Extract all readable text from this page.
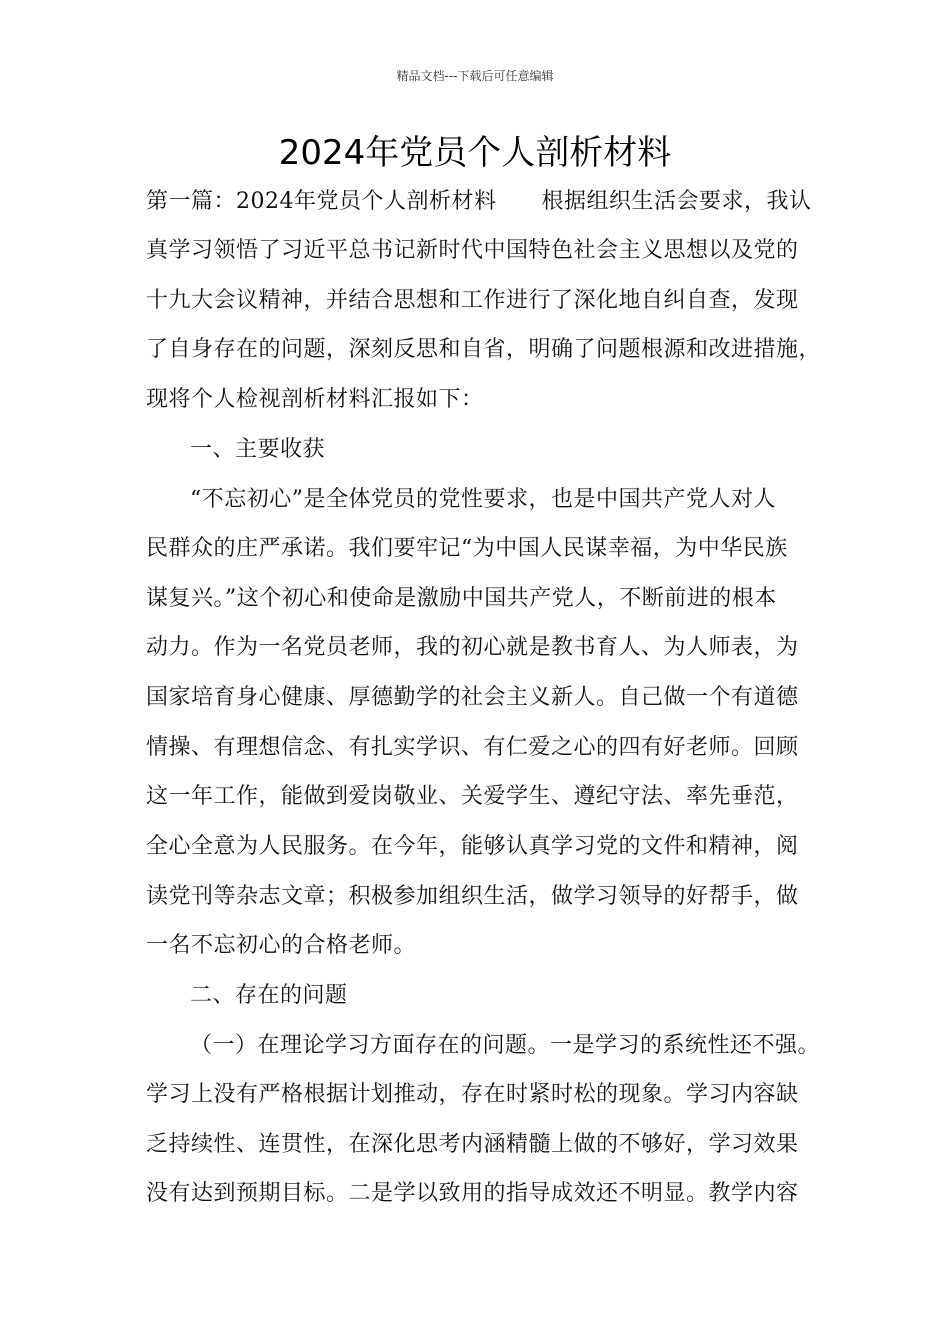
精品文档---下载后可任意编辑
2024年党员个人剖析材料
第一篇：2024年党员个人剖析材料　　根据组织生活会要求，我认
真学习领悟了习近平总书记新时代中国特色社会主义思想以及党的
十九大会议精神，并结合思想和工作进行了深化地自纠自查，发现
了自身存在的问题，深刻反思和自省，明确了问题根源和改进措施，
现将个人检视剖析材料汇报如下：
一、主要收获
“不忘初心”是全体党员的党性要求，也是中国共产党人对人
民群众的庄严承诺。我们要牢记“为中国人民谋幸福，为中华民族
谋复兴。”这个初心和使命是激励中国共产党人，不断前进的根本
动力。作为一名党员老师，我的初心就是教书育人、为人师表，为
国家培育身心健康、厚德勤学的社会主义新人。自己做一个有道德
情操、有理想信念、有扎实学识、有仁爱之心的四有好老师。回顾
这一年工作，能做到爱岗敬业、关爱学生、遵纪守法、率先垂范，
全心全意为人民服务。在今年，能够认真学习党的文件和精神，阅
读党刊等杂志文章；积极参加组织生活，做学习领导的好帮手，做
一名不忘初心的合格老师。
二、存在的问题
（一）在理论学习方面存在的问题。一是学习的系统性还不强。
学习上没有严格根据计划推动，存在时紧时松的现象。学习内容缺
乏持续性、连贯性，在深化思考内涵精髓上做的不够好，学习效果
没有达到预期目标。二是学以致用的指导成效还不明显。教学内容
